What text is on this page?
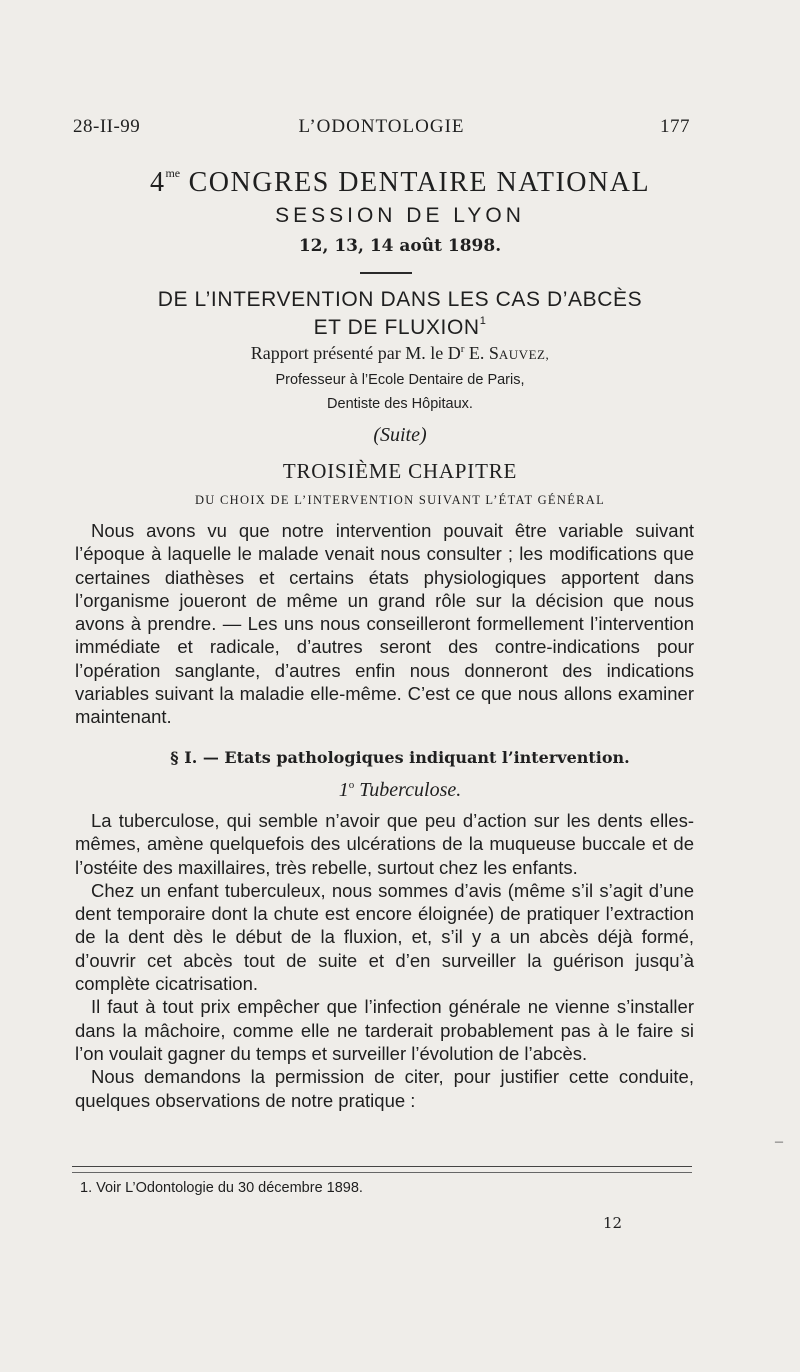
28-II-99	L’ODONTOLOGIE	177
$4^{me}$ CONGRES DENTAIRE NATIONAL
SESSION DE LYON
12, 13, 14 août 1898.
DE L’INTERVENTION DANS LES CAS D’ABCÈS
ET DE FLUXION$^1$
Rapport présenté par M. le $D^r$ E. SAUVEZ,
Professeur à l’Ecole Dentaire de Paris,
Dentiste des Hôpitaux.
(Suite)
TROISIÈME CHAPITRE
DU CHOIX DE L’INTERVENTION SUIVANT L’ÉTAT GÉNÉRAL

Nous avons vu que notre intervention pouvait être variable suivant l’époque à laquelle le malade venait nous consulter ; les modifications que certaines diathèses et certains états physiologiques apportent dans l’organisme joueront de même un grand rôle sur la décision que nous avons à prendre. — Les uns nous conseilleront formellement l’intervention immédiate et radicale, d’autres seront des contre-indications pour l’opération sanglante, d’autres enfin nous donneront des indications variables suivant la maladie elle-même. C’est ce que nous allons examiner maintenant.

§ I. — Etats pathologiques indiquant l’intervention.
1$^o$ Tuberculose.

La tuberculose, qui semble n’avoir que peu d’action sur les dents elles-mêmes, amène quelquefois des ulcérations de la muqueuse buccale et de l’ostéite des maxillaires, très rebelle, surtout chez les enfants.

Chez un enfant tuberculeux, nous sommes d’avis (même s’il s’agit d’une dent temporaire dont la chute est encore éloignée) de pratiquer l’extraction de la dent dès le début de la fluxion, et, s’il y a un abcès déjà formé, d’ouvrir cet abcès tout de suite et d’en surveiller la guérison jusqu’à complète cicatrisation.

Il faut à tout prix empêcher que l’infection générale ne vienne s’installer dans la mâchoire, comme elle ne tarderait probablement pas à le faire si l’on voulait gagner du temps et surveiller l’évolution de l’abcès.

Nous demandons la permission de citer, pour justifier cette conduite, quelques observations de notre pratique :

1. Voir L’Odontologie du 30 décembre 1898.
12
–
